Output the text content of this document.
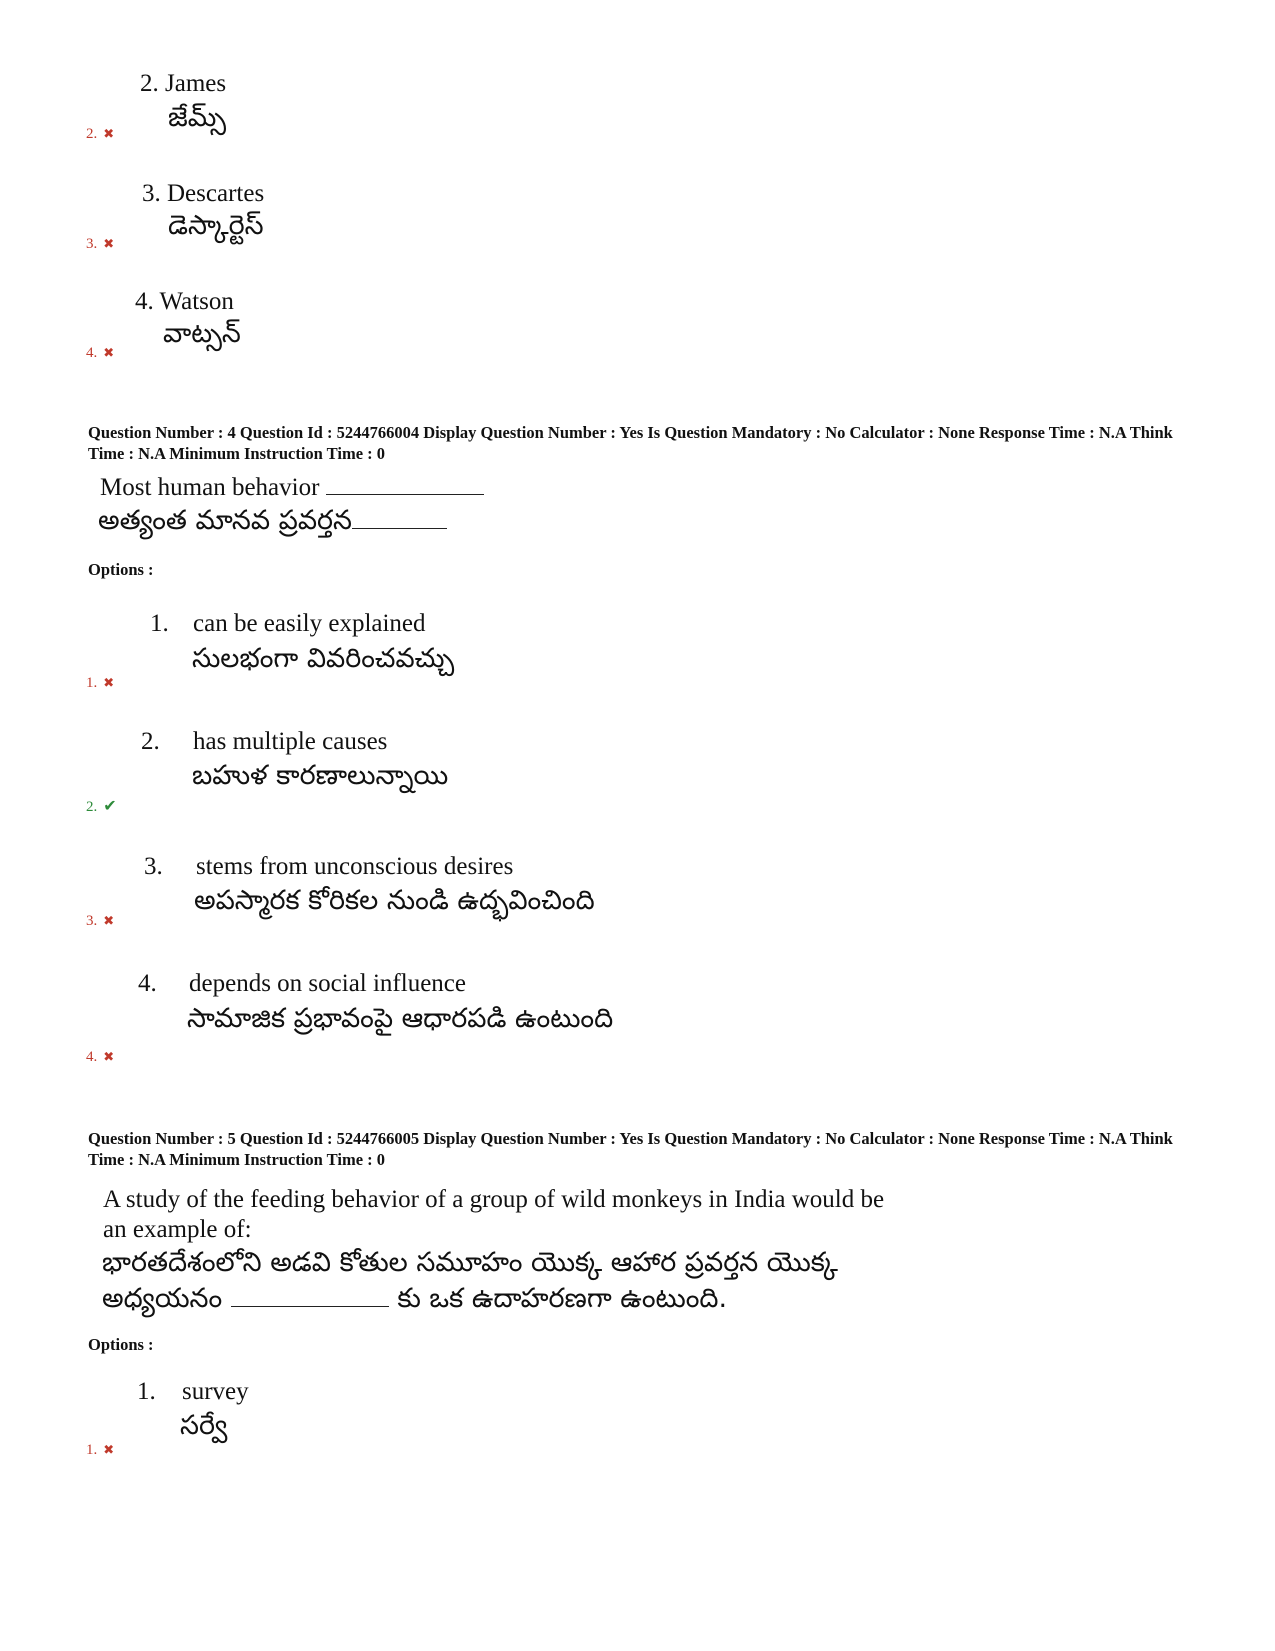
2. James
జేమ్స్
2. ✖
3. Descartes
డెస్కార్టెస్
3. ✖
4. Watson
వాట్సన్
4. ✖
Question Number : 4 Question Id : 5244766004 Display Question Number : Yes Is Question Mandatory : No Calculator : None Response Time : N.A Think Time : N.A Minimum Instruction Time : 0
Most human behavior
అత్యంత మానవ ప్రవర్తన
Options :
1. can be easily explained
సులభంగా వివరించవచ్చు
1. ✖
2. has multiple causes
బహుళ కారణాలున్నాయి
2. ✔
3. stems from unconscious desires
అపస్మారక కోరికల నుండి ఉద్భవించింది
3. ✖
4. depends on social influence
సామాజిక ప్రభావంపై ఆధారపడి ఉంటుంది
4. ✖
Question Number : 5 Question Id : 5244766005 Display Question Number : Yes Is Question Mandatory : No Calculator : None Response Time : N.A Think Time : N.A Minimum Instruction Time : 0
A study of the feeding behavior of a group of wild monkeys in India would be
an example of:
భారతదేశంలోని అడవి కోతుల సమూహం యొక్క ఆహార ప్రవర్తన యొక్క
అధ్యయనం	కు ఒక ఉదాహరణగా ఉంటుంది.
Options :
1. survey
సర్వే
1. ✖
